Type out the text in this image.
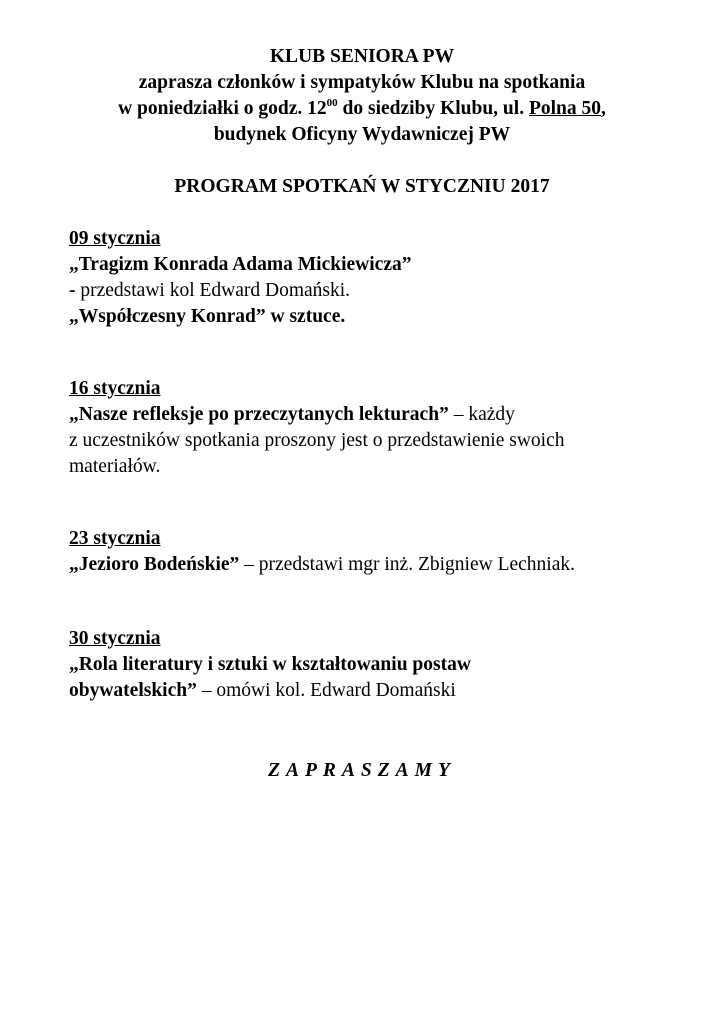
KLUB SENIORA PW
zaprasza członków i sympatyków Klubu na spotkania
w poniedziałki o godz. $12^{00}$ do siedziby Klubu, ul. Polna 50,
budynek Oficyny Wydawniczej PW
PROGRAM SPOTKAŃ W STYCZNIU 2017
09 stycznia
„Tragizm Konrada Adama Mickiewicza”
- przedstawi kol Edward Domański.
„Współczesny Konrad” w sztuce.
16 stycznia
„Nasze refleksje po przeczytanych lekturach” – każdy
z uczestników spotkania proszony jest o przedstawienie swoich
materiałów.
23 stycznia
„Jezioro Bodeńskie” – przedstawi mgr inż. Zbigniew Lechniak.
30 stycznia
„Rola literatury i sztuki w kształtowaniu postaw
obywatelskich” – omówi kol. Edward Domański
ZAPRASZAMY
